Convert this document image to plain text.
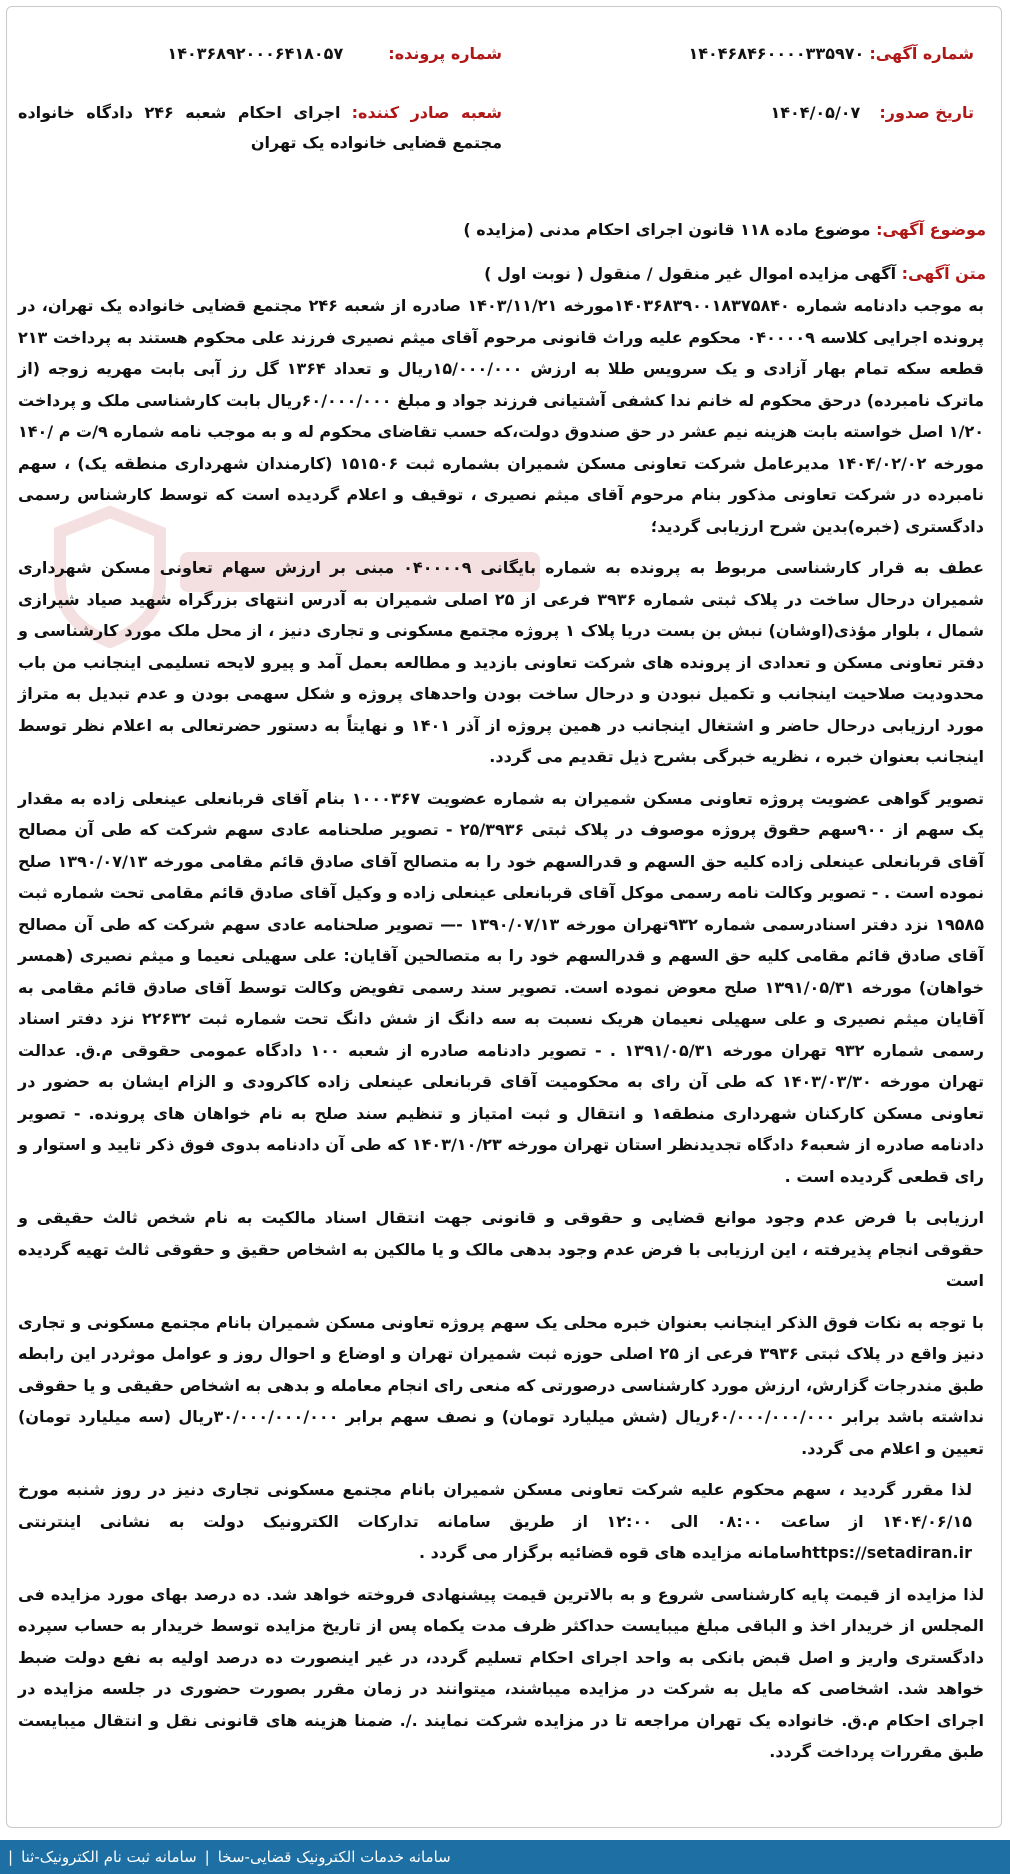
شماره آگهی: ۱۴۰۴۶۸۴۶۰۰۰۰۳۳۵۹۷۰
شماره پرونده: ۱۴۰۳۶۸۹۲۰۰۰۶۴۱۸۰۵۷
تاریخ صدور: ۱۴۰۴/۰۵/۰۷
شعبه صادر کننده: اجرای احکام شعبه ۲۴۶ دادگاه خانواده مجتمع قضایی خانواده یک تهران
موضوع آگهی: موضوع ماده ۱۱۸ قانون اجرای احکام مدنی (مزایده )
متن آگهی: آگهی مزایده اموال غیر منقول / منقول ( نوبت اول )

به موجب دادنامه شماره ۱۴۰۳۶۸۳۹۰۰۱۸۳۷۵۸۴۰مورخه ۱۴۰۳/۱۱/۲۱ صادره از شعبه ۲۴۶ مجتمع قضایی خانواده یک تهران، در پرونده اجرایی کلاسه ۰۴۰۰۰۰۹ محکوم علیه وراث قانونی مرحوم آقای میثم نصیری فرزند علی محکوم هستند به پرداخت ۲۱۳ قطعه سکه تمام بهار آزادی و یک سرویس طلا به ارزش ۱۵/۰۰۰/۰۰۰ریال و تعداد ۱۳۶۴ گل رز آبی بابت مهریه زوجه (از ماترک نامبرده) درحق محکوم له خانم ندا کشفی آشتیانی فرزند جواد و مبلغ ۶۰/۰۰۰/۰۰۰ریال بابت کارشناسی ملک و پرداخت ۱/۲۰ اصل خواسته بابت هزینه نیم عشر در حق صندوق دولت،که حسب تقاضای محکوم له و به موجب نامه شماره ۹/ت م /۱۴۰ مورخه ۱۴۰۴/۰۲/۰۲ مدیرعامل شرکت تعاونی مسکن شمیران بشماره ثبت ۱۵۱۵۰۶ (کارمندان شهرداری منطقه یک) ، سهم نامبرده در شرکت تعاونی مذکور بنام مرحوم آقای میثم نصیری ، توقیف و اعلام گردیده است که توسط کارشناس رسمی دادگستری (خبره)بدین شرح ارزیابی گردید؛

عطف به قرار کارشناسی مربوط به پرونده به شماره بایگانی ۰۴۰۰۰۰۹ مبنی بر ارزش سهام تعاونی مسکن شهرداری شمیران درحال ساخت در پلاک ثبتی شماره ۳۹۳۶ فرعی از ۲۵ اصلی شمیران به آدرس انتهای بزرگراه شهید صیاد شیرازی شمال ، بلوار مؤذی(اوشان) نبش بن بست دریا پلاک ۱ پروژه مجتمع مسکونی و تجاری دنیز ، از محل ملک مورد کارشناسی و دفتر تعاونی مسکن و تعدادی از پرونده های شرکت تعاونی بازدید و مطالعه بعمل آمد و پیرو لایحه تسلیمی اینجانب من باب محدودیت صلاحیت اینجانب و تکمیل نبودن و درحال ساخت بودن واحدهای پروژه و شکل سهمی بودن و عدم تبدیل به متراژ مورد ارزیابی درحال حاضر و اشتغال اینجانب در همین پروژه از آذر ۱۴۰۱ و نهایتاً به دستور حضرتعالی به اعلام نظر توسط اینجانب بعنوان خبره ، نظریه خبرگی بشرح ذیل تقدیم می گردد.

تصویر گواهی عضویت پروژه تعاونی مسکن شمیران به شماره عضویت ۱۰۰۰۳۶۷ بنام آقای قربانعلی عینعلی زاده به مقدار یک سهم از ۹۰۰سهم حقوق پروژه موصوف در پلاک ثبتی ۲۵/۳۹۳۶ - تصویر صلحنامه عادی سهم شرکت که طی آن مصالح آقای قربانعلی عینعلی زاده کلیه حق السهم و قدرالسهم خود را به متصالح آقای صادق قائم مقامی مورخه ۱۳۹۰/۰۷/۱۳ صلح نموده است . - تصویر وکالت نامه رسمی موکل آقای قربانعلی عینعلی زاده و وکیل آقای صادق قائم مقامی تحت شماره ثبت ۱۹۵۸۵ نزد دفتر اسنادرسمی شماره ۹۳۲تهران مورخه ۱۳۹۰/۰۷/۱۳ -— تصویر صلحنامه عادی سهم شرکت که طی آن مصالح آقای صادق قائم مقامی کلیه حق السهم و قدرالسهم خود را به متصالحین آقایان: علی سهیلی نعیما و میثم نصیری (همسر خواهان) مورخه ۱۳۹۱/۰۵/۳۱ صلح معوض نموده است. تصویر سند رسمی تفویض وکالت توسط آقای صادق قائم مقامی به آقایان میثم نصیری و علی سهیلی نعیمان هریک نسبت به سه دانگ از شش دانگ تحت شماره ثبت ۲۲۶۳۲ نزد دفتر اسناد رسمی شماره ۹۳۲ تهران مورخه ۱۳۹۱/۰۵/۳۱ . - تصویر دادنامه صادره از شعبه ۱۰۰ دادگاه عمومی حقوقی م.ق. عدالت تهران مورخه ۱۴۰۳/۰۳/۳۰ که طی آن رای به محکومیت آقای قربانعلی عینعلی زاده کاکرودی و الزام ایشان به حضور در تعاونی مسکن کارکنان شهرداری منطقه۱ و انتقال و ثبت امتیاز و تنظیم سند صلح به نام خواهان های پرونده. - تصویر دادنامه صادره از شعبه۶ دادگاه تجدیدنظر استان تهران مورخه ۱۴۰۳/۱۰/۲۳ که طی آن دادنامه بدوی فوق ذکر تایید و استوار و رای قطعی گردیده است .

ارزیابی با فرض عدم وجود موانع قضایی و حقوقی و قانونی جهت انتقال اسناد مالکیت به نام شخص ثالث حقیقی و حقوقی انجام پذیرفته ، این ارزیابی با فرض عدم وجود بدهی مالک و یا مالکین به اشخاص حقیق و حقوقی ثالث تهیه گردیده است

با توجه به نکات فوق الذکر اینجانب بعنوان خبره محلی یک سهم پروژه تعاونی مسکن شمیران بانام مجتمع مسکونی و تجاری دنیز واقع در پلاک ثبتی ۳۹۳۶ فرعی از ۲۵ اصلی حوزه ثبت شمیران تهران و اوضاع و احوال روز و عوامل موثردر این رابطه طبق مندرجات گزارش، ارزش مورد کارشناسی درصورتی که منعی رای انجام معامله و بدهی به اشخاص حقیقی و یا حقوقی نداشته باشد برابر ۶۰/۰۰۰/۰۰۰/۰۰۰ریال (شش میلیارد تومان) و نصف سهم برابر ۳۰/۰۰۰/۰۰۰/۰۰۰ریال (سه میلیارد تومان) تعیین و اعلام می گردد.

لذا مقرر گردید ، سهم محکوم علیه شرکت تعاونی مسکن شمیران بانام مجتمع مسکونی تجاری دنیز در روز شنبه مورخ ۱۴۰۴/۰۶/۱۵ از ساعت ۰۸:۰۰ الی ۱۲:۰۰ از طریق سامانه تدارکات الکترونیک دولت به نشانی اینترنتی https://setadiran.irسامانه مزایده های قوه قضائیه برگزار می گردد .

لذا مزایده از قیمت پایه کارشناسی شروع و به بالاترین قیمت پیشنهادی فروخته خواهد شد. ده درصد بهای مورد مزایده فی المجلس از خریدار اخذ و الباقی مبلغ میبایست حداکثر ظرف مدت یکماه پس از تاریخ مزایده توسط خریدار به حساب سپرده دادگستری واریز و اصل قبض بانکی به واحد اجرای احکام تسلیم گردد، در غیر اینصورت ده درصد اولیه به نفع دولت ضبط خواهد شد. اشخاصی که مایل به شرکت در مزایده میباشند، میتوانند در زمان مقرر بصورت حضوری در جلسه مزایده در اجرای احکام م.ق. خانواده یک تهران مراجعه تا در مزایده شرکت نمایند ./. ضمنا هزینه های قانونی نقل و انتقال میبایست طبق مقررات پرداخت گردد.

سامانه خدمات الکترونیک قضایی-سخا
|
سامانه ثبت نام الکترونیک-ثنا
|
